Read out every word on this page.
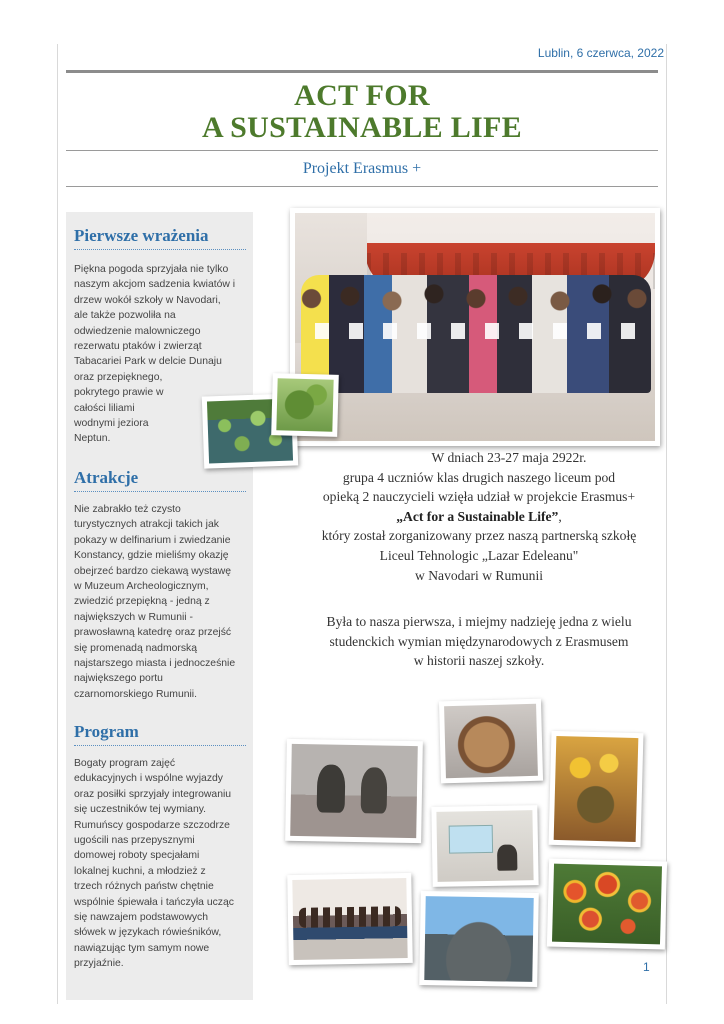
Lublin, 6 czerwca, 2022
ACT FOR
A SUSTAINABLE LIFE
Projekt Erasmus +
Pierwsze wrażenia
Piękna pogoda sprzyjała nie tylko
naszym akcjom sadzenia kwiatów i
drzew wokół szkoły w Navodari,
ale także pozwoliła na
odwiedzenie malowniczego
rezerwatu ptaków i zwierząt
Tabacariei Park w delcie Dunaju
oraz przepięknego,
pokrytego prawie w
całości liliami
wodnymi jeziora
Neptun.
Atrakcje
Nie zabrakło też czysto
turystycznych atrakcji takich jak
pokazy w delfinarium i zwiedzanie
Konstancy, gdzie mieliśmy okazję
obejrzeć bardzo ciekawą wystawę
w Muzeum Archeologicznym,
zwiedzić przepiękną - jedną z
największych w Rumunii -
prawosławną katedrę oraz przejść
się promenadą nadmorską
najstarszego miasta i jednocześnie
największego portu
czarnomorskiego Rumunii.
Program
Bogaty program zajęć
edukacyjnych i wspólne wyjazdy
oraz posiłki sprzyjały integrowaniu
się uczestników tej wymiany.
Rumuńscy gospodarze szczodrze
ugościli nas przepysznymi
domowej roboty specjałami
lokalnej kuchni, a młodzież z
trzech różnych państw chętnie
wspólnie śpiewała i tańczyła ucząc
się nawzajem podstawowych
słówek w językach rówieśników,
nawiązując tym samym nowe
przyjaźnie.
W dniach 23-27 maja 2922r.
grupa 4 uczniów klas drugich naszego liceum pod
opieką 2 nauczycieli wzięła udział w projekcie Erasmus+
„Act for a Sustainable Life”,
który został zorganizowany przez naszą partnerską szkołę
Liceul Tehnologic „Lazar Edeleanu"
w Navodari w Rumunii
Była to nasza pierwsza, i miejmy nadzieję jedna z wielu
studenckich wymian międzynarodowych z Erasmusem
w historii naszej szkoły.
1
